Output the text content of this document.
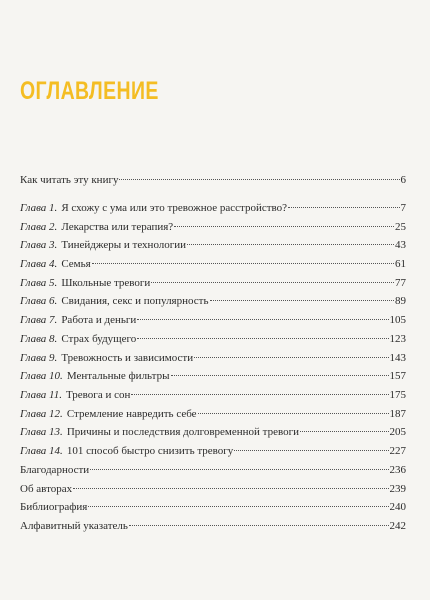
ОГЛАВЛЕНИЕ
Как читать эту книгу	6
Глава 1. Я схожу с ума или это тревожное расстройство?	7
Глава 2. Лекарства или терапия?	25
Глава 3. Тинейджеры и технологии	43
Глава 4. Семья	61
Глава 5. Школьные тревоги	77
Глава 6. Свидания, секс и популярность	89
Глава 7. Работа и деньги	105
Глава 8. Страх будущего	123
Глава 9. Тревожность и зависимости	143
Глава 10. Ментальные фильтры	157
Глава 11. Тревога и сон	175
Глава 12. Стремление навредить себе	187
Глава 13. Причины и последствия долговременной тревоги	205
Глава 14. 101 способ быстро снизить тревогу	227
Благодарности	236
Об авторах	239
Библиография	240
Алфавитный указатель	242
